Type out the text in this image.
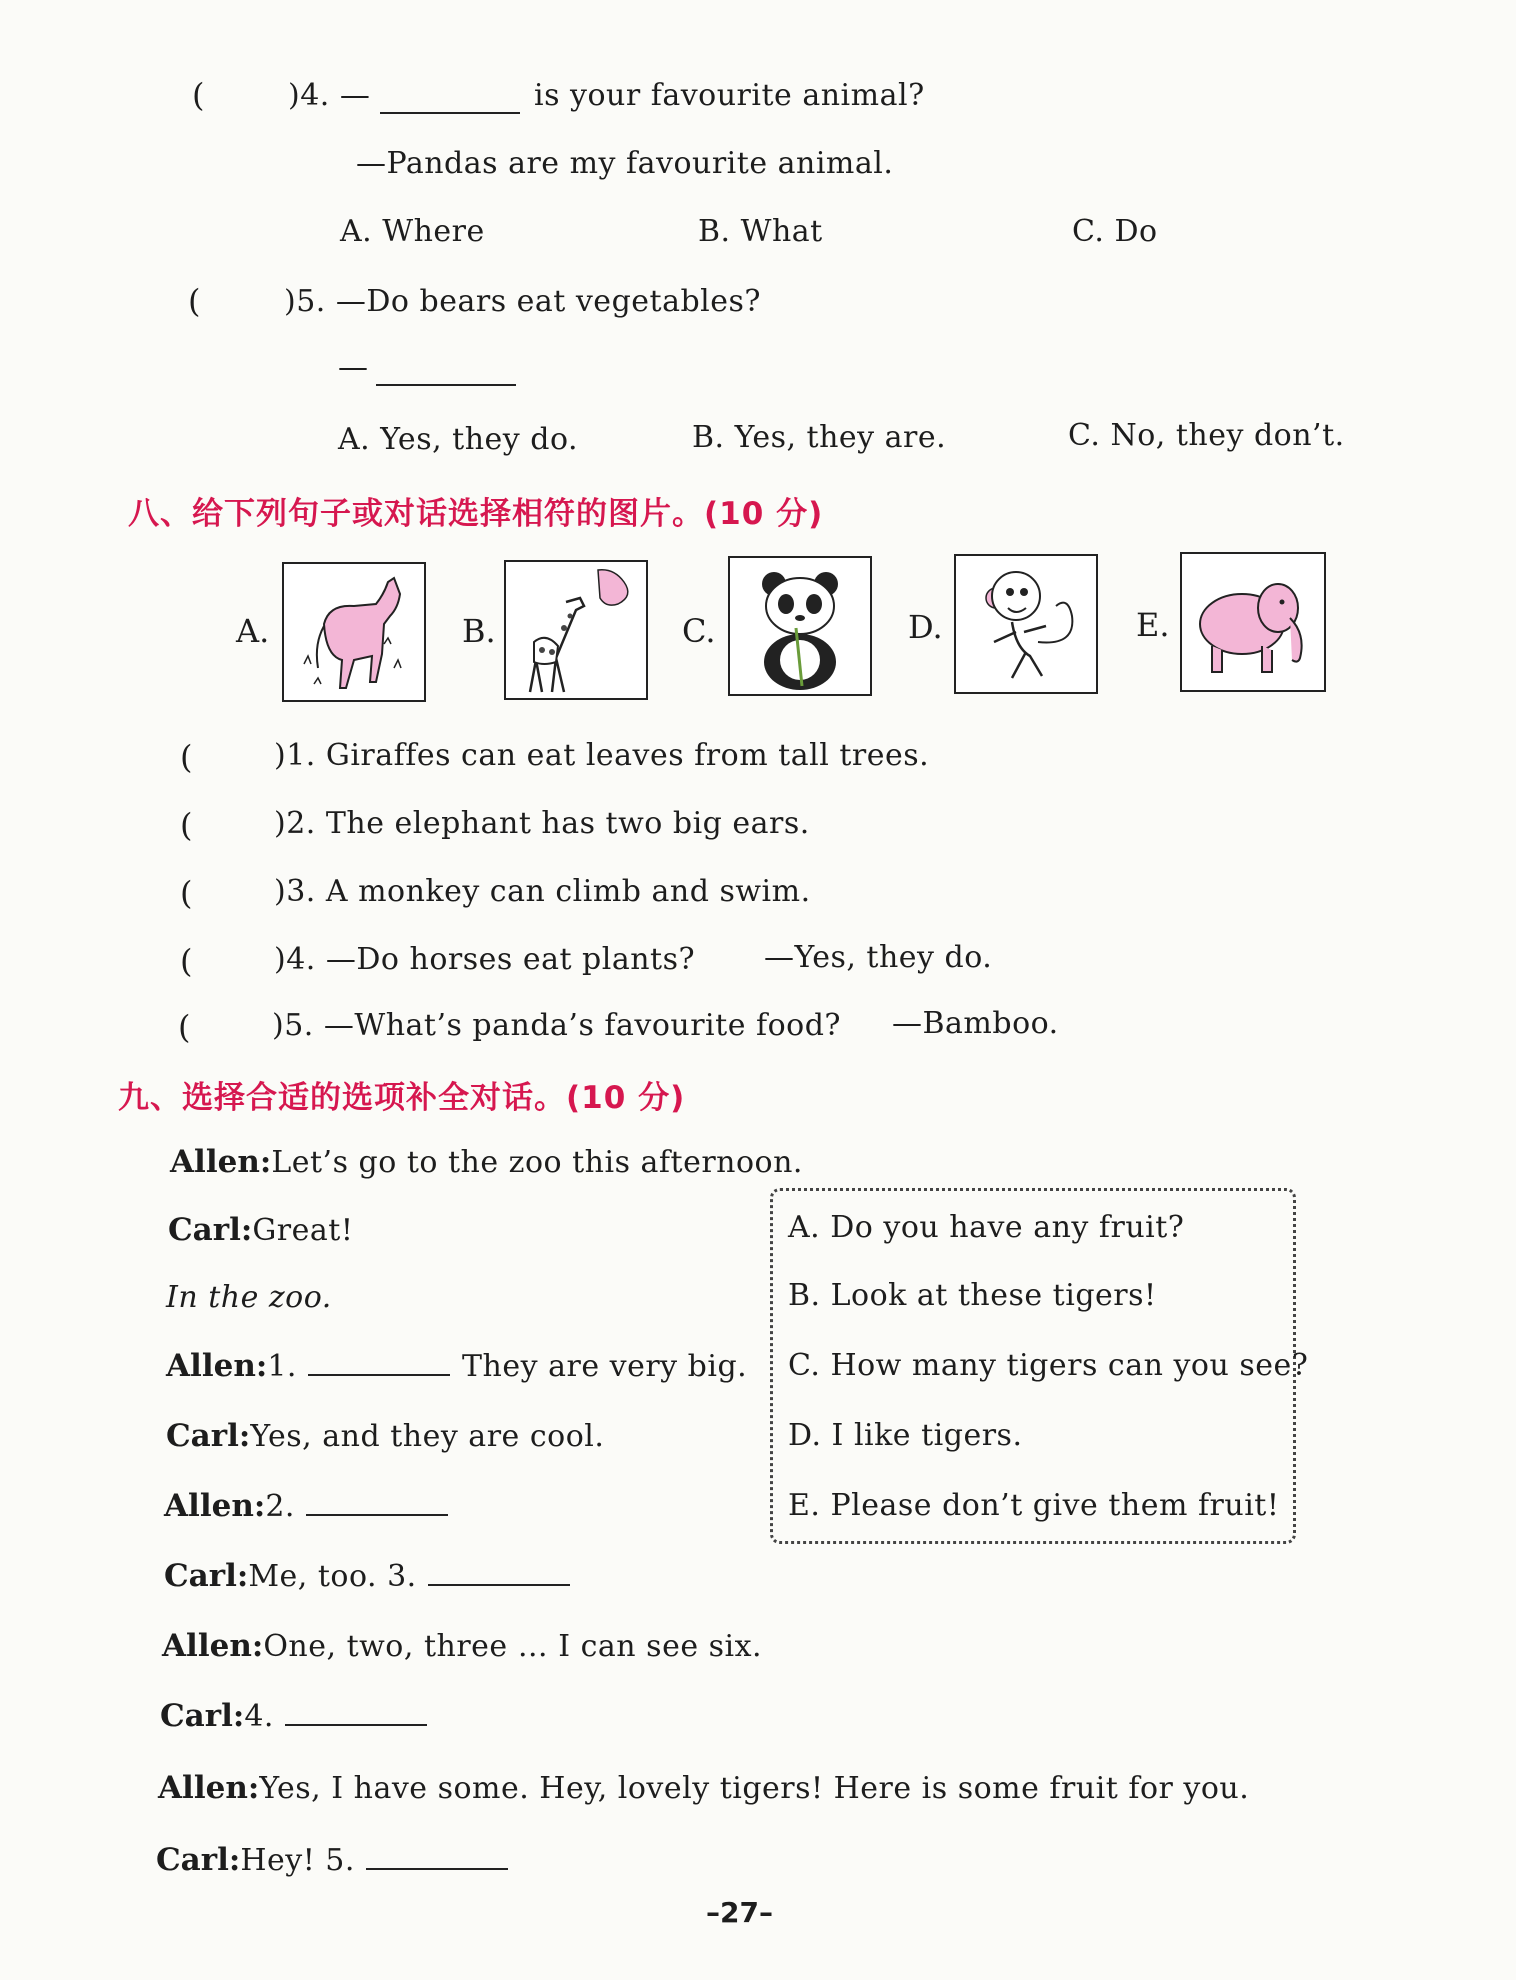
(	)4. —	is your favourite animal?
—Pandas are my favourite animal.
A. Where	B. What	C. Do
(	)5. —Do bears eat vegetables?
—
A. Yes, they do.	B. Yes, they are.	C. No, they don’t.
八、给下列句子或对话选择相符的图片。(10 分)
A.	B.	C.	D.	E.
(	)1. Giraffes can eat leaves from tall trees.
(	)2. The elephant has two big ears.
(	)3. A monkey can climb and swim.
(	)4. —Do horses eat plants? —Yes, they do.
(	)5. —What’s panda’s favourite food? —Bamboo.
九、选择合适的选项补全对话。(10 分)
Allen:Let’s go to the zoo this afternoon.
Carl:Great!
In the zoo.
Allen:1.	They are very big.
Carl:Yes, and they are cool.
Allen:2.
Carl:Me, too. 3.
Allen:One, two, three … I can see six.
Carl:4.
Allen:Yes, I have some. Hey, lovely tigers! Here is some fruit for you.
Carl:Hey! 5.
A. Do you have any fruit?
B. Look at these tigers!
C. How many tigers can you see?
D. I like tigers.
E. Please don’t give them fruit!
–27–
